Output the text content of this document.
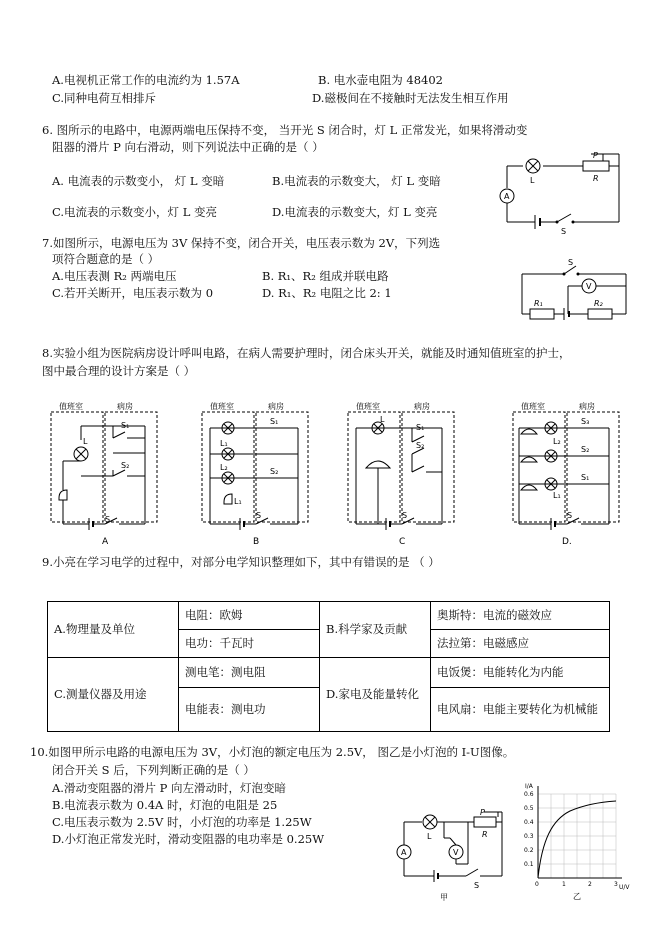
A.电视机正常工作的电流约为 1.57A	B. 电水壶电阻为 48402
C.同种电荷互相排斥	D.磁极间在不接触时无法发生相互作用
6. 图所示的电路中，电源两端电压保持不变， 当开光 S 闭合时，灯 L 正常发光，如果将滑动变
阻器的滑片 P 向右滑动，则下列说法中正确的是（ ）
A. 电流表的示数变小， 灯 L 变暗	B.电流表的示数变大， 灯 L 变暗
C.电流表的示数变小，灯 L 变亮	D.电流表的示数变大，灯 L 变亮
P
L	R
A
S
7.如图所示，电源电压为 3V 保持不变，闭合开关，电压表示数为 2V，下列选
项符合题意的是（ ）
A.电压表测 R₂ 两端电压	B. R₁、R₂ 组成并联电路
C.若开关断开，电压表示数为 0	D. R₁、R₂ 电阻之比 2: 1
S
V
R₁	R₂
8.实验小组为医院病房设计呼叫电路，在病人需要护理时，闭合床头开关，就能及时通知值班室的护士，
图中最合理的设计方案是（ ）
值班室	病房
L
S₁
S₂
S
A
值班室	病房
S₁
L₁
L₂	S₂
L₁
S
B
值班室	病房
L
S₁
S₂
S
C
值班室	病房
S₃
L₂
S₂
L₁
S₁
S
D.
9.小亮在学习电学的过程中，对部分电学知识整理如下，其中有错误的是 （ ）
A.物理量及单位	电阻：欧姆	B.科学家及贡献	奥斯特：电流的磁效应
	电功：千瓦时		法拉第：电磁感应
C.测量仪器及用途	测电笔：测电阻	D.家电及能量转化	电饭煲：电能转化为内能
	电能表：测电功		电风扇：电能主要转化为机械能
10.如图甲所示电路的电源电压为 3V，小灯泡的额定电压为 2.5V， 图乙是小灯泡的 I-U图像。
闭合开关 S 后，下列判断正确的是（ ）
A.滑动变阻器的滑片 P 向左滑动时，灯泡变暗
B.电流表示数为 0.4A 时，灯泡的电阻是 25
C.电压表示数为 2.5V 时，小灯泡的功率是 1.25W
D.小灯泡正常发光时，滑动变阻器的电功率是 0.25W	L
P
R
A	V
S
甲
I/A
U/V
0.6
0.5
0.4
0.3
0.2
0.1
0	1	2	3
乙
